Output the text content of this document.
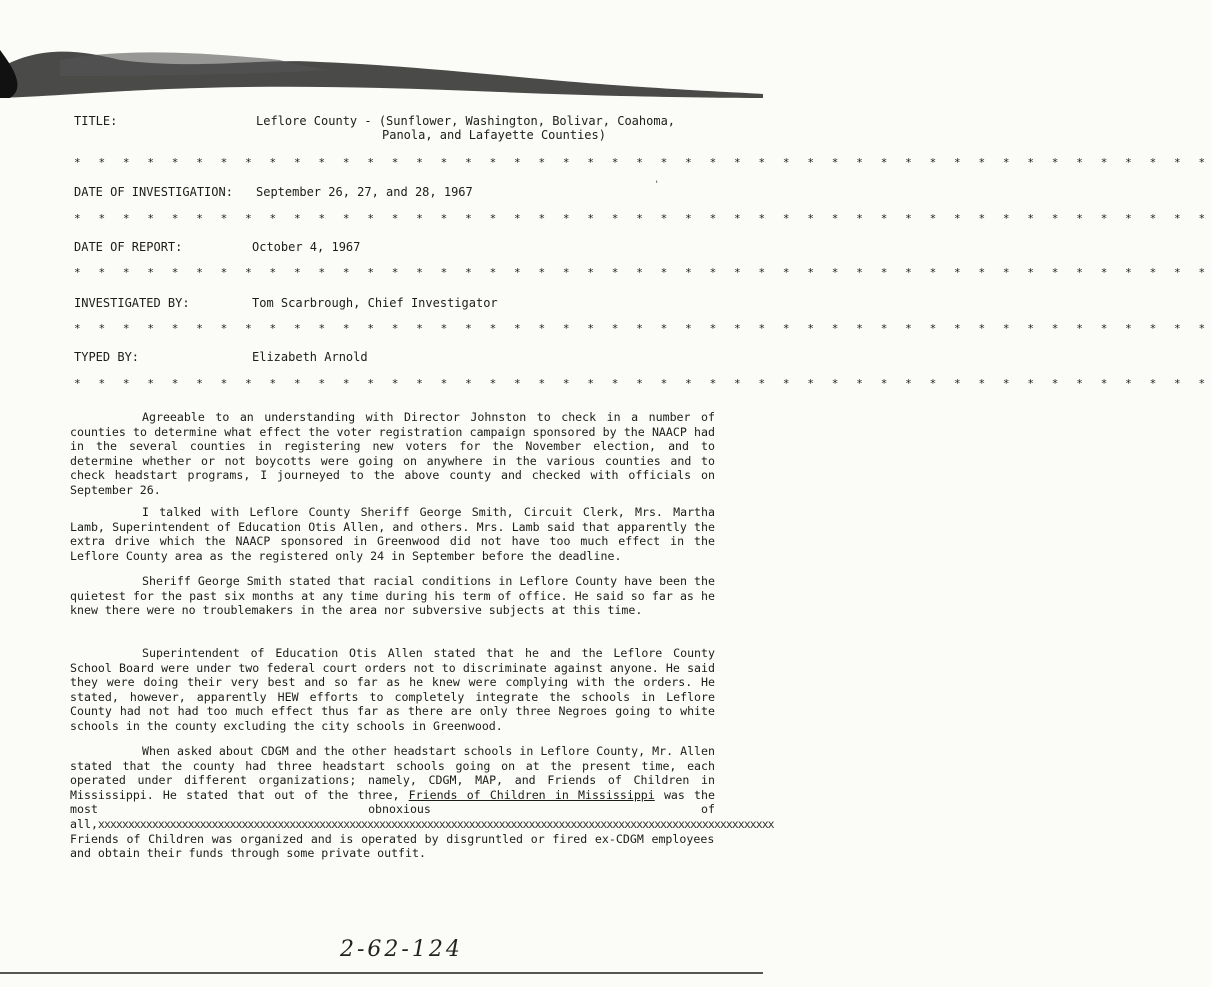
TITLE:	Leflore County - (Sunflower, Washington, Bolivar, Coahoma,
Panola, and Lafayette Counties)
* * * * * * * * * * * * * * * * * * * * * * * * * * * * * * * * * * * * * * * * * * * * * * *
DATE OF INVESTIGATION: September 26, 27, and 28, 1967
* * * * * * * * * * * * * * * * * * * * * * * * * * * * * * * * * * * * * * * * * * * * * * *
DATE OF REPORT:	October 4, 1967
* * * * * * * * * * * * * * * * * * * * * * * * * * * * * * * * * * * * * * * * * * * * * * *
INVESTIGATED BY:	Tom Scarbrough, Chief Investigator
* * * * * * * * * * * * * * * * * * * * * * * * * * * * * * * * * * * * * * * * * * * * * * *
TYPED BY:	Elizabeth Arnold
* * * * * * * * * * * * * * * * * * * * * * * * * * * * * * * * * * * * * * * * * * * * * * *
'
Agreeable to an understanding with Director Johnston to check in a number of counties to determine what effect the voter registration campaign sponsored by the NAACP had in the several counties in registering new voters for the November election, and to determine whether or not boycotts were going on anywhere in the various counties and to check headstart programs, I journeyed to the above county and checked with officials on September 26.
I talked with Leflore County Sheriff George Smith, Circuit Clerk, Mrs. Martha Lamb, Superintendent of Education Otis Allen, and others. Mrs. Lamb said that apparently the extra drive which the NAACP sponsored in Greenwood did not have too much effect in the Leflore County area as the registered only 24 in September before the deadline.
Sheriff George Smith stated that racial conditions in Leflore County have been the quietest for the past six months at any time during his term of office. He said so far as he knew there were no troublemakers in the area nor subversive subjects at this time.
Superintendent of Education Otis Allen stated that he and the Leflore County School Board were under two federal court orders not to discriminate against anyone. He said they were doing their very best and so far as he knew were complying with the orders. He stated, however, apparently HEW efforts to completely integrate the schools in Leflore County had not had too much effect thus far as there are only three Negroes going to white schools in the county excluding the city schools in Greenwood.
When asked about CDGM and the other headstart schools in Leflore County, Mr. Allen stated that the county had three headstart schools going on at the present time, each operated under different organizations; namely, CDGM, MAP, and Friends of Children in Mississippi. He stated that out of the three, Friends of Children in Mississippi was the most obnoxious of all,xxxxxxxxxxxxxxxxxxxxxxxxxxxxxxxxxxxxxxxxxxxxxxxxxxxxxxxxxxxxxxxxxxxxxxxxxxxxxxxxxxxxxxxxxxxxxxxxxxxxxxxxxxxxxxxxx Friends of Children was organized and is operated by disgruntled or fired ex-CDGM employees and obtain their funds through some private outfit.
2-62-124
